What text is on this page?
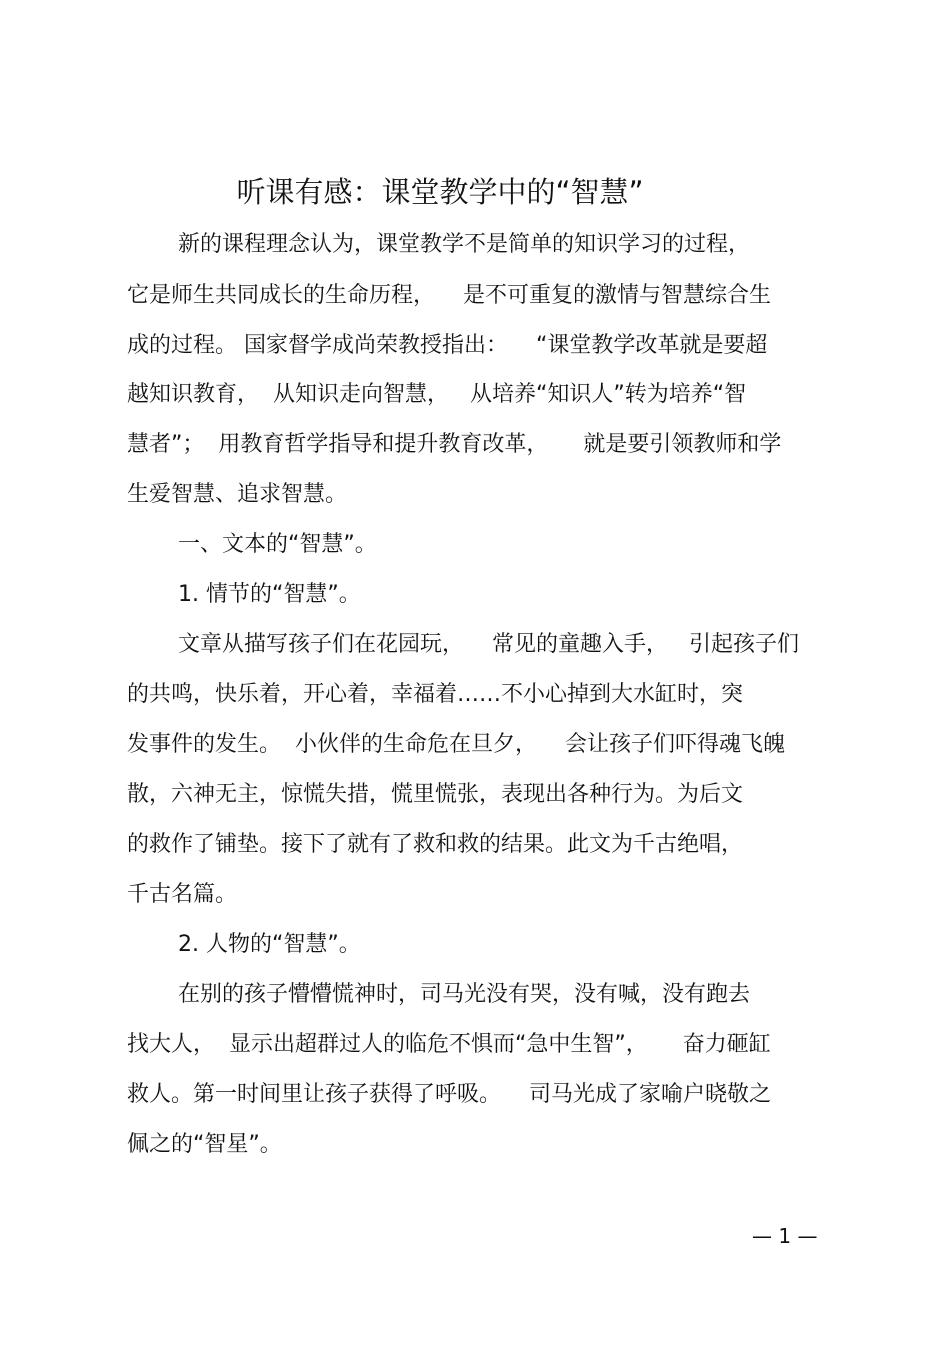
听课有感：课堂教学中的“智慧”
新的课程理念认为，课堂教学不是简单的知识学习的过程，
它是师生共同成长的生命历程，    是不可重复的激情与智慧综合生
成的过程。 国家督学成尚荣教授指出：    “课堂教学改革就是要超
越知识教育，  从知识走向智慧，   从培养“知识人”转为培养“智
慧者”；  用教育哲学指导和提升教育改革，     就是要引领教师和学
生爱智慧、追求智慧。
一、文本的“智慧”。
1. 情节的“智慧”。
文章从描写孩子们在花园玩，    常见的童趣入手，   引起孩子们
的共鸣，快乐着，开心着，幸福着……不小心掉到大水缸时，突
发事件的发生。  小伙伴的生命危在旦夕，    会让孩子们吓得魂飞魄
散，六神无主，惊慌失措，慌里慌张，表现出各种行为。为后文
的救作了铺垫。接下了就有了救和救的结果。此文为千古绝唱，
千古名篇。
2. 人物的“智慧”。
在别的孩子懵懵慌神时，司马光没有哭，没有喊，没有跑去
找大人，  显示出超群过人的临危不惧而“急中生智”，     奋力砸缸
救人。第一时间里让孩子获得了呼吸。    司马光成了家喻户晓敬之
佩之的“智星”。
— 1 —
